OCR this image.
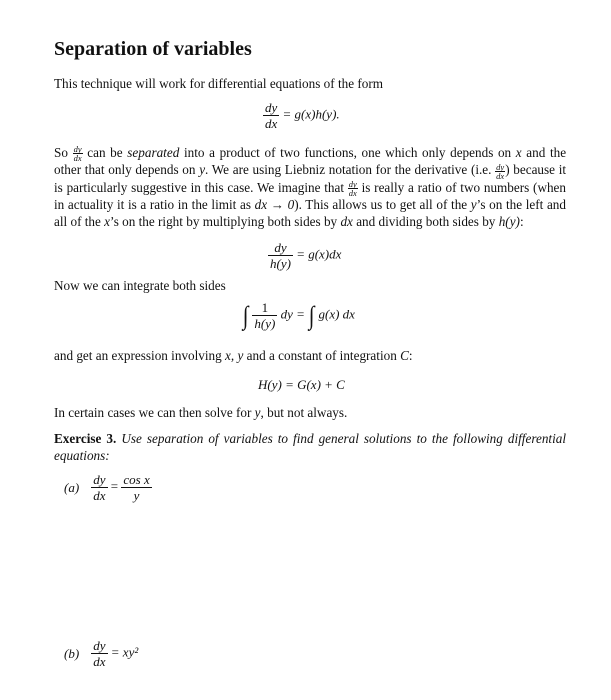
Separation of variables

This technique will work for differential equations of the form

$\frac{dy}{dx} = g(x)h(y)$.

So $\frac{dy}{dx}$ can be separated into a product of two functions, one which only depends on x and the other that only depends on y. We are using Liebniz notation for the derivative (i.e. $\frac{dy}{dx}$ ) because it is particularly suggestive in this case. We imagine that $\frac{dy}{dx}$ is really a ratio of two numbers (when in actuality it is a ratio in the limit as dx → 0). This allows us to get all of the y’s on the left and all of the x’s on the right by multiplying both sides by dx and dividing both sides by h(y):

$\frac{dy}{h(y)} = g(x)dx$

Now we can integrate both sides

∫ $\frac{1}{h(y)}$ dy = ∫ g(x) dx

and get an expression involving x, y and a constant of integration C:

H(y) = G(x) + C

In certain cases we can then solve for y, but not always.

Exercise 3. Use separation of variables to find general solutions to the following differential equations:

$(a) \frac{dy}{dx} = \frac{\text{cos x}}{y}$
$(b) \frac{dy}{dx} = xy^2$
